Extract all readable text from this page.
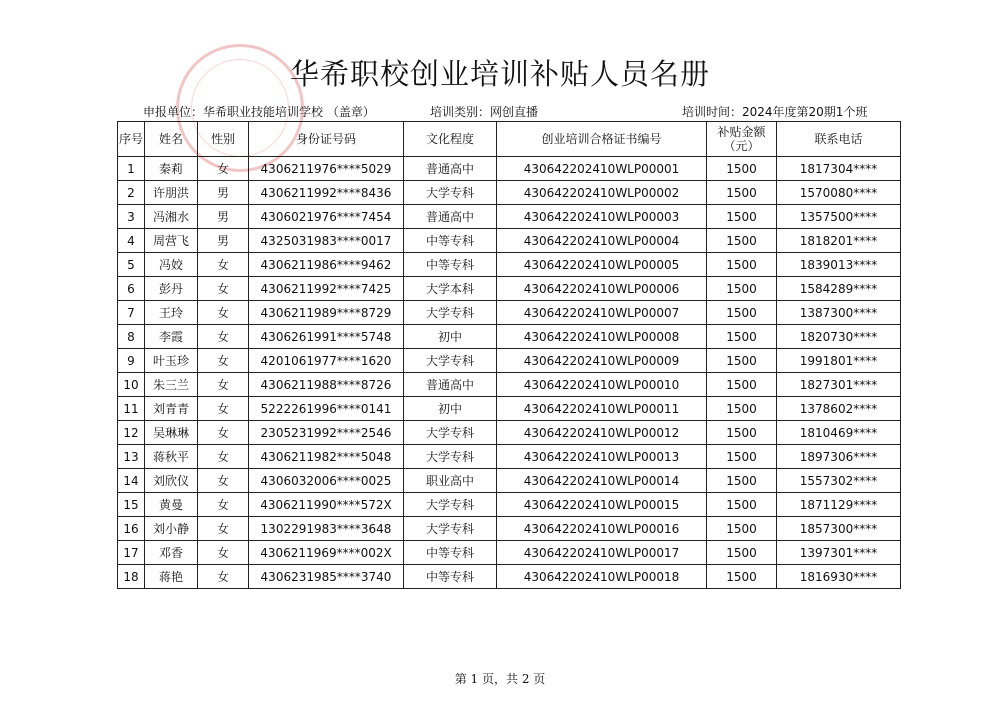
华希职校创业培训补贴人员名册
申报单位：华希职业技能培训学校 （盖章）	培训类别：网创直播	培训时间：2024年度第20期1个班
序号	姓名	性别	身份证号码	文化程度	创业培训合格证书编号	补贴金额（元）	联系电话
1	秦莉	女	4306211976****5029	普通高中	430642202410WLP00001	1500	1817304****
2	许朋洪	男	4306211992****8436	大学专科	430642202410WLP00002	1500	1570080****
3	冯湘水	男	4306021976****7454	普通高中	430642202410WLP00003	1500	1357500****
4	周营飞	男	4325031983****0017	中等专科	430642202410WLP00004	1500	1818201****
5	冯姣	女	4306211986****9462	中等专科	430642202410WLP00005	1500	1839013****
6	彭丹	女	4306211992****7425	大学本科	430642202410WLP00006	1500	1584289****
7	王玲	女	4306211989****8729	大学专科	430642202410WLP00007	1500	1387300****
8	李霞	女	4306261991****5748	初中	430642202410WLP00008	1500	1820730****
9	叶玉珍	女	4201061977****1620	大学专科	430642202410WLP00009	1500	1991801****
10	朱三兰	女	4306211988****8726	普通高中	430642202410WLP00010	1500	1827301****
11	刘青青	女	5222261996****0141	初中	430642202410WLP00011	1500	1378602****
12	吴琳琳	女	2305231992****2546	大学专科	430642202410WLP00012	1500	1810469****
13	蒋秋平	女	4306211982****5048	大学专科	430642202410WLP00013	1500	1897306****
14	刘欣仪	女	4306032006****0025	职业高中	430642202410WLP00014	1500	1557302****
15	黄曼	女	4306211990****572X	大学专科	430642202410WLP00015	1500	1871129****
16	刘小静	女	1302291983****3648	大学专科	430642202410WLP00016	1500	1857300****
17	邓香	女	4306211969****002X	中等专科	430642202410WLP00017	1500	1397301****
18	蒋艳	女	4306231985****3740	中等专科	430642202410WLP00018	1500	1816930****
第 1 页，共 2 页
